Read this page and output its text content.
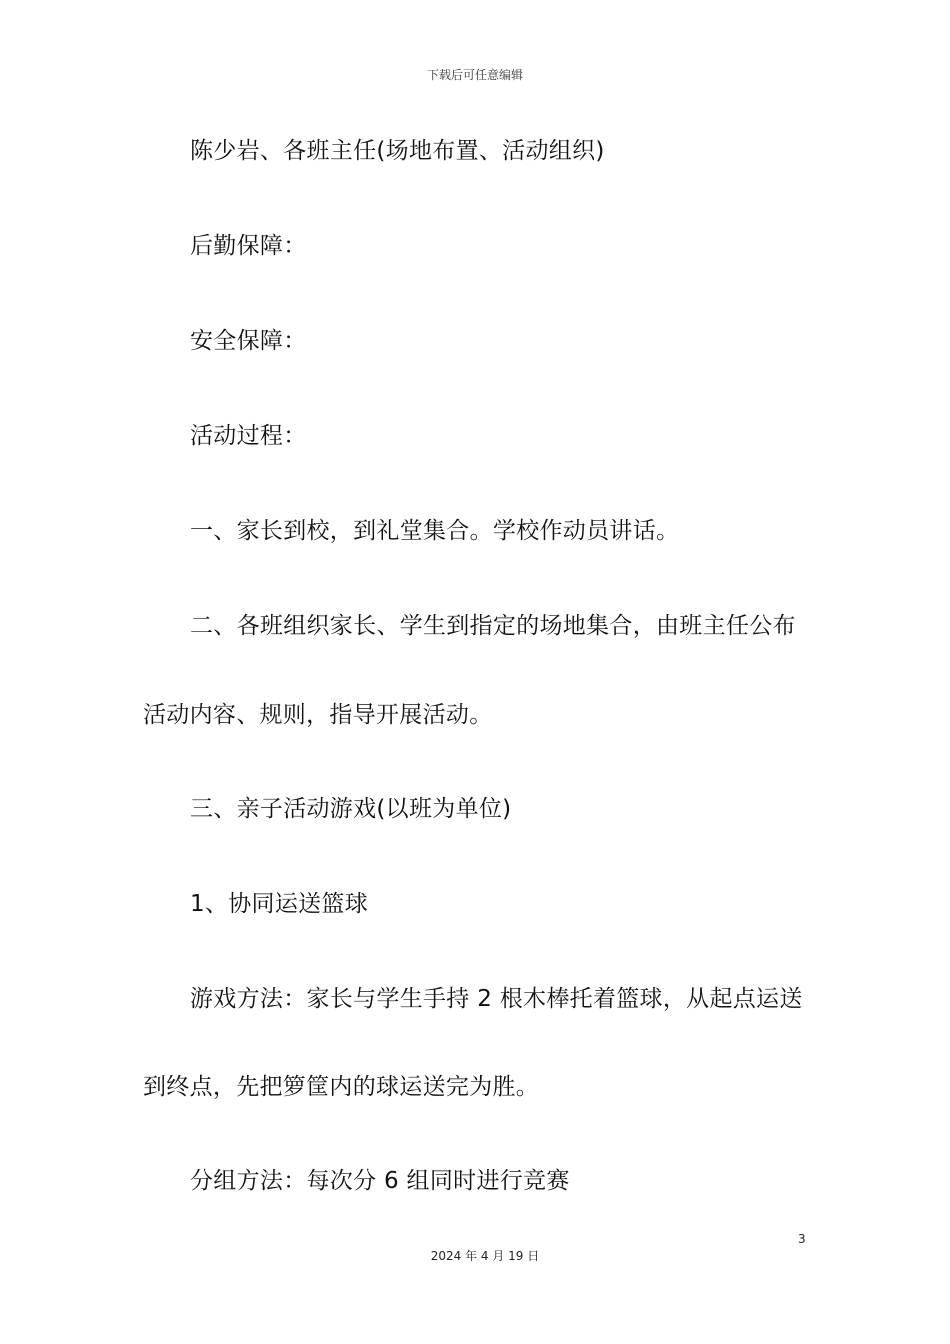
下载后可任意编辑
陈少岩、各班主任(场地布置、活动组织)
后勤保障：
安全保障：
活动过程：
一、家长到校，到礼堂集合。学校作动员讲话。
二、各班组织家长、学生到指定的场地集合，由班主任公布
活动内容、规则，指导开展活动。
三、亲子活动游戏(以班为单位)
1、协同运送篮球
游戏方法：家长与学生手持 2 根木棒托着篮球，从起点运送
到终点，先把箩筐内的球运送完为胜。
分组方法：每次分 6 组同时进行竞赛
3
2024 年 4 月 19 日
